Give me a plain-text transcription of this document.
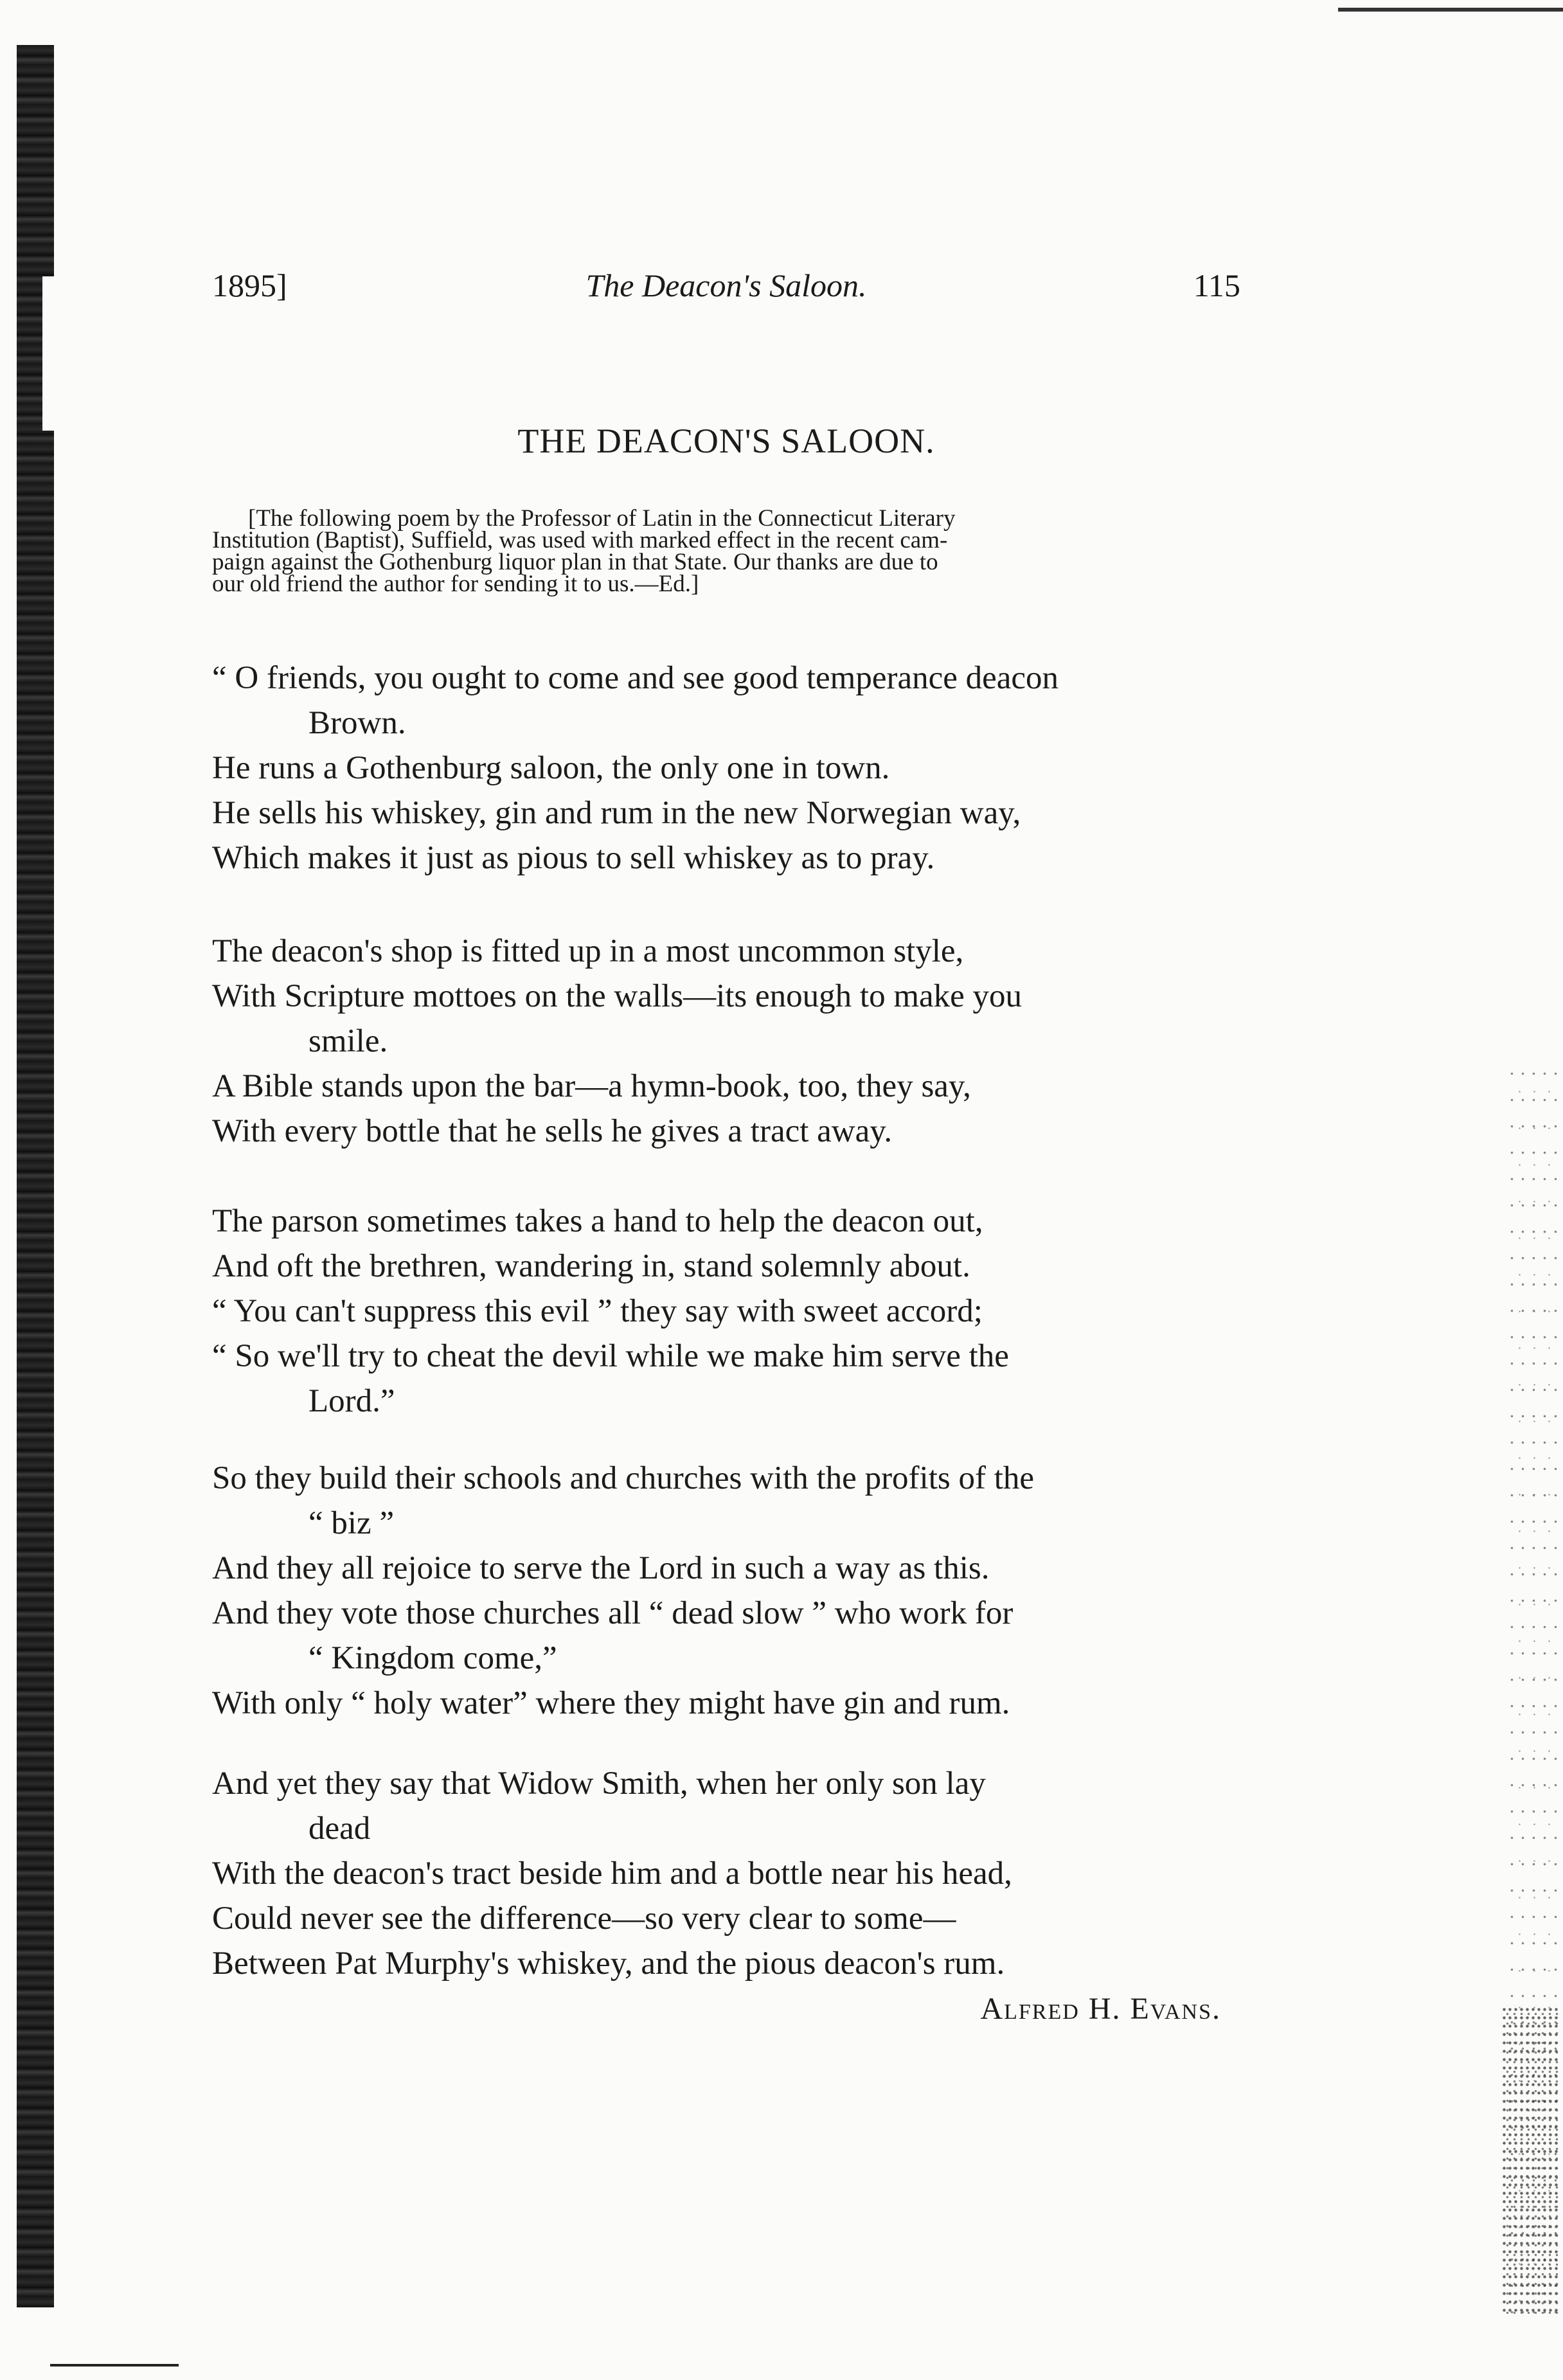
1895]	The Deacon's Saloon.	115
THE DEACON'S SALOON.
[The following poem by the Professor of Latin in the Connecticut Literary
Institution (Baptist), Suffield, was used with marked effect in the recent cam-
paign against the Gothenburg liquor plan in that State. Our thanks are due to
our old friend the author for sending it to us.—Ed.]
“ O friends, you ought to come and see good temperance deacon
Brown.
He runs a Gothenburg saloon, the only one in town.
He sells his whiskey, gin and rum in the new Norwegian way,
Which makes it just as pious to sell whiskey as to pray.
The deacon's shop is fitted up in a most uncommon style,
With Scripture mottoes on the walls—its enough to make you
smile.
A Bible stands upon the bar—a hymn-book, too, they say,
With every bottle that he sells he gives a tract away.
The parson sometimes takes a hand to help the deacon out,
And oft the brethren, wandering in, stand solemnly about.
“ You can't suppress this evil ” they say with sweet accord;
“ So we'll try to cheat the devil while we make him serve the
Lord.”
So they build their schools and churches with the profits of the
“ biz ”
And they all rejoice to serve the Lord in such a way as this.
And they vote those churches all “ dead slow ” who work for
“ Kingdom come,”
With only “ holy water” where they might have gin and rum.
And yet they say that Widow Smith, when her only son lay
dead
With the deacon's tract beside him and a bottle near his head,
Could never see the difference—so very clear to some—
Between Pat Murphy's whiskey, and the pious deacon's rum.

Alfred H. Evans.
